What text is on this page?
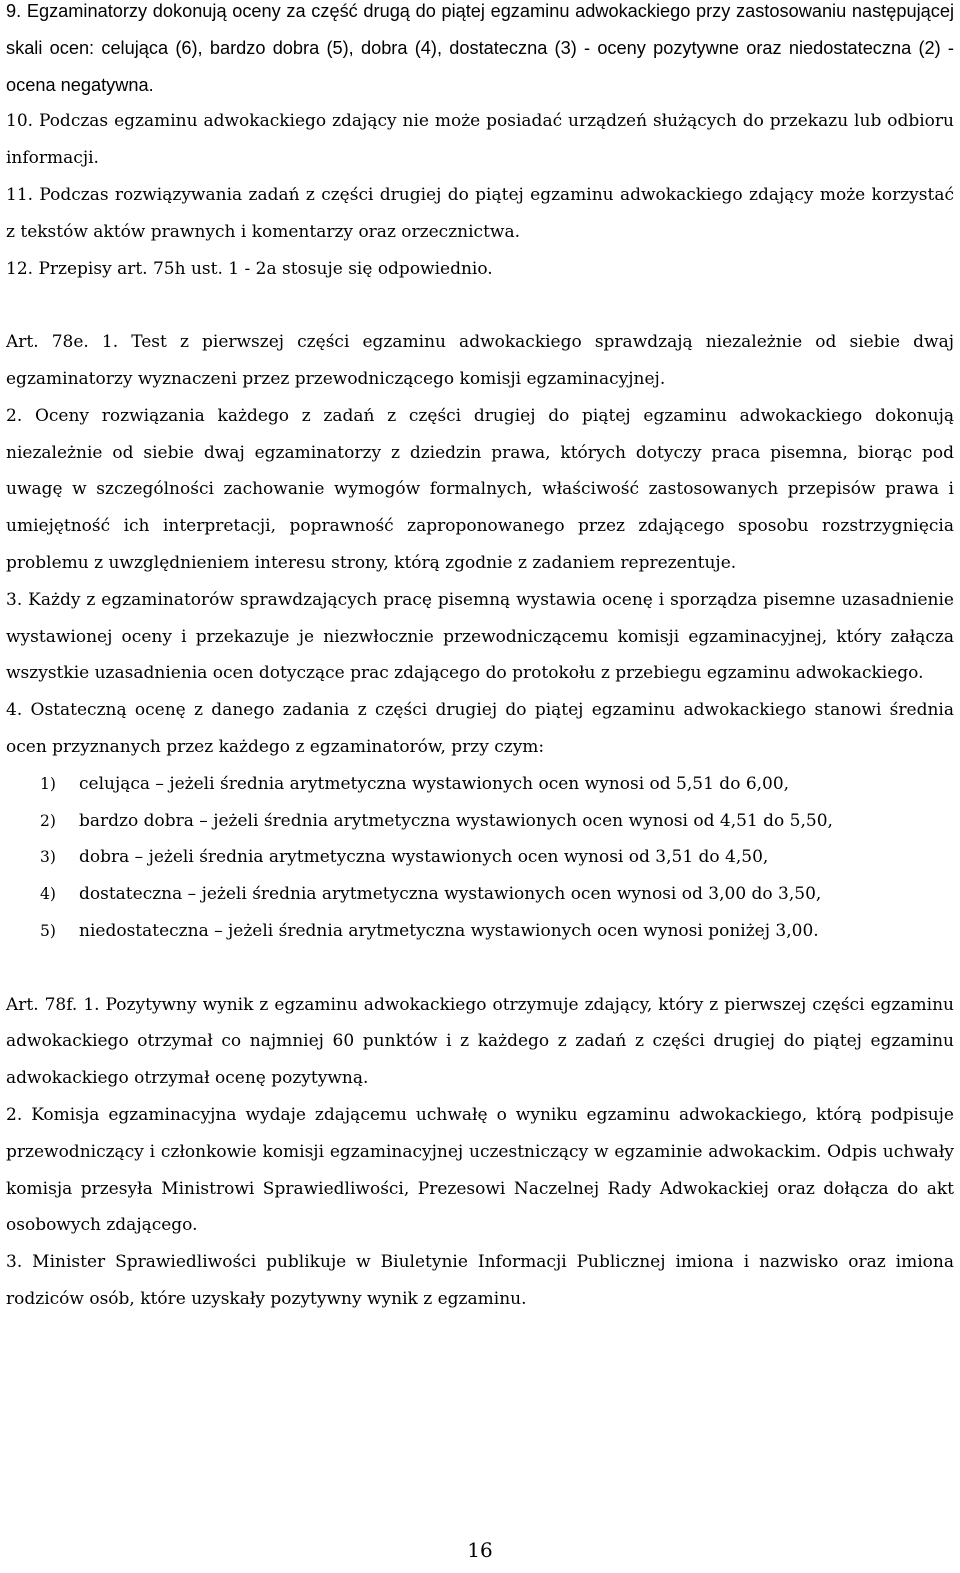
9. Egzaminatorzy dokonują oceny za część drugą do piątej egzaminu adwokackiego przy zastosowaniu następującej skali ocen: celująca (6), bardzo dobra (5), dobra (4), dostateczna (3) - oceny pozytywne oraz niedostateczna (2) - ocena negatywna.

10. Podczas egzaminu adwokackiego zdający nie może posiadać urządzeń służących do przekazu lub odbioru informacji.

11. Podczas rozwiązywania zadań z części drugiej do piątej egzaminu adwokackiego zdający może korzystać z tekstów aktów prawnych i komentarzy oraz orzecznictwa.

12. Przepisy art. 75h ust. 1 - 2a stosuje się odpowiednio.

Art. 78e. 1. Test z pierwszej części egzaminu adwokackiego sprawdzają niezależnie od siebie dwaj egzaminatorzy wyznaczeni przez przewodniczącego komisji egzaminacyjnej.

2. Oceny rozwiązania każdego z zadań z części drugiej do piątej egzaminu adwokackiego dokonują niezależnie od siebie dwaj egzaminatorzy z dziedzin prawa, których dotyczy praca pisemna, biorąc pod uwagę w szczególności zachowanie wymogów formalnych, właściwość zastosowanych przepisów prawa i umiejętność ich interpretacji, poprawność zaproponowanego przez zdającego sposobu rozstrzygnięcia problemu z uwzględnieniem interesu strony, którą zgodnie z zadaniem reprezentuje.

3. Każdy z egzaminatorów sprawdzających pracę pisemną wystawia ocenę i sporządza pisemne uzasadnienie wystawionej oceny i przekazuje je niezwłocznie przewodniczącemu komisji egzaminacyjnej, który załącza wszystkie uzasadnienia ocen dotyczące prac zdającego do protokołu z przebiegu egzaminu adwokackiego.

4. Ostateczną ocenę z danego zadania z części drugiej do piątej egzaminu adwokackiego stanowi średnia ocen przyznanych przez każdego z egzaminatorów, przy czym:

1)	celująca – jeżeli średnia arytmetyczna wystawionych ocen wynosi od 5,51 do 6,00,
2)	bardzo dobra – jeżeli średnia arytmetyczna wystawionych ocen wynosi od 4,51 do 5,50,
3)	dobra – jeżeli średnia arytmetyczna wystawionych ocen wynosi od 3,51 do 4,50,
4)	dostateczna – jeżeli średnia arytmetyczna wystawionych ocen wynosi od 3,00 do 3,50,
5)	niedostateczna – jeżeli średnia arytmetyczna wystawionych ocen wynosi poniżej 3,00.

Art. 78f. 1. Pozytywny wynik z egzaminu adwokackiego otrzymuje zdający, który z pierwszej części egzaminu adwokackiego otrzymał co najmniej 60 punktów i z każdego z zadań z części drugiej do piątej egzaminu adwokackiego otrzymał ocenę pozytywną.

2. Komisja egzaminacyjna wydaje zdającemu uchwałę o wyniku egzaminu adwokackiego, którą podpisuje przewodniczący i członkowie komisji egzaminacyjnej uczestniczący w egzaminie adwokackim. Odpis uchwały komisja przesyła Ministrowi Sprawiedliwości, Prezesowi Naczelnej Rady Adwokackiej oraz dołącza do akt osobowych zdającego.

3. Minister Sprawiedliwości publikuje w Biuletynie Informacji Publicznej imiona i nazwisko oraz imiona rodziców osób, które uzyskały pozytywny wynik z egzaminu.

16
